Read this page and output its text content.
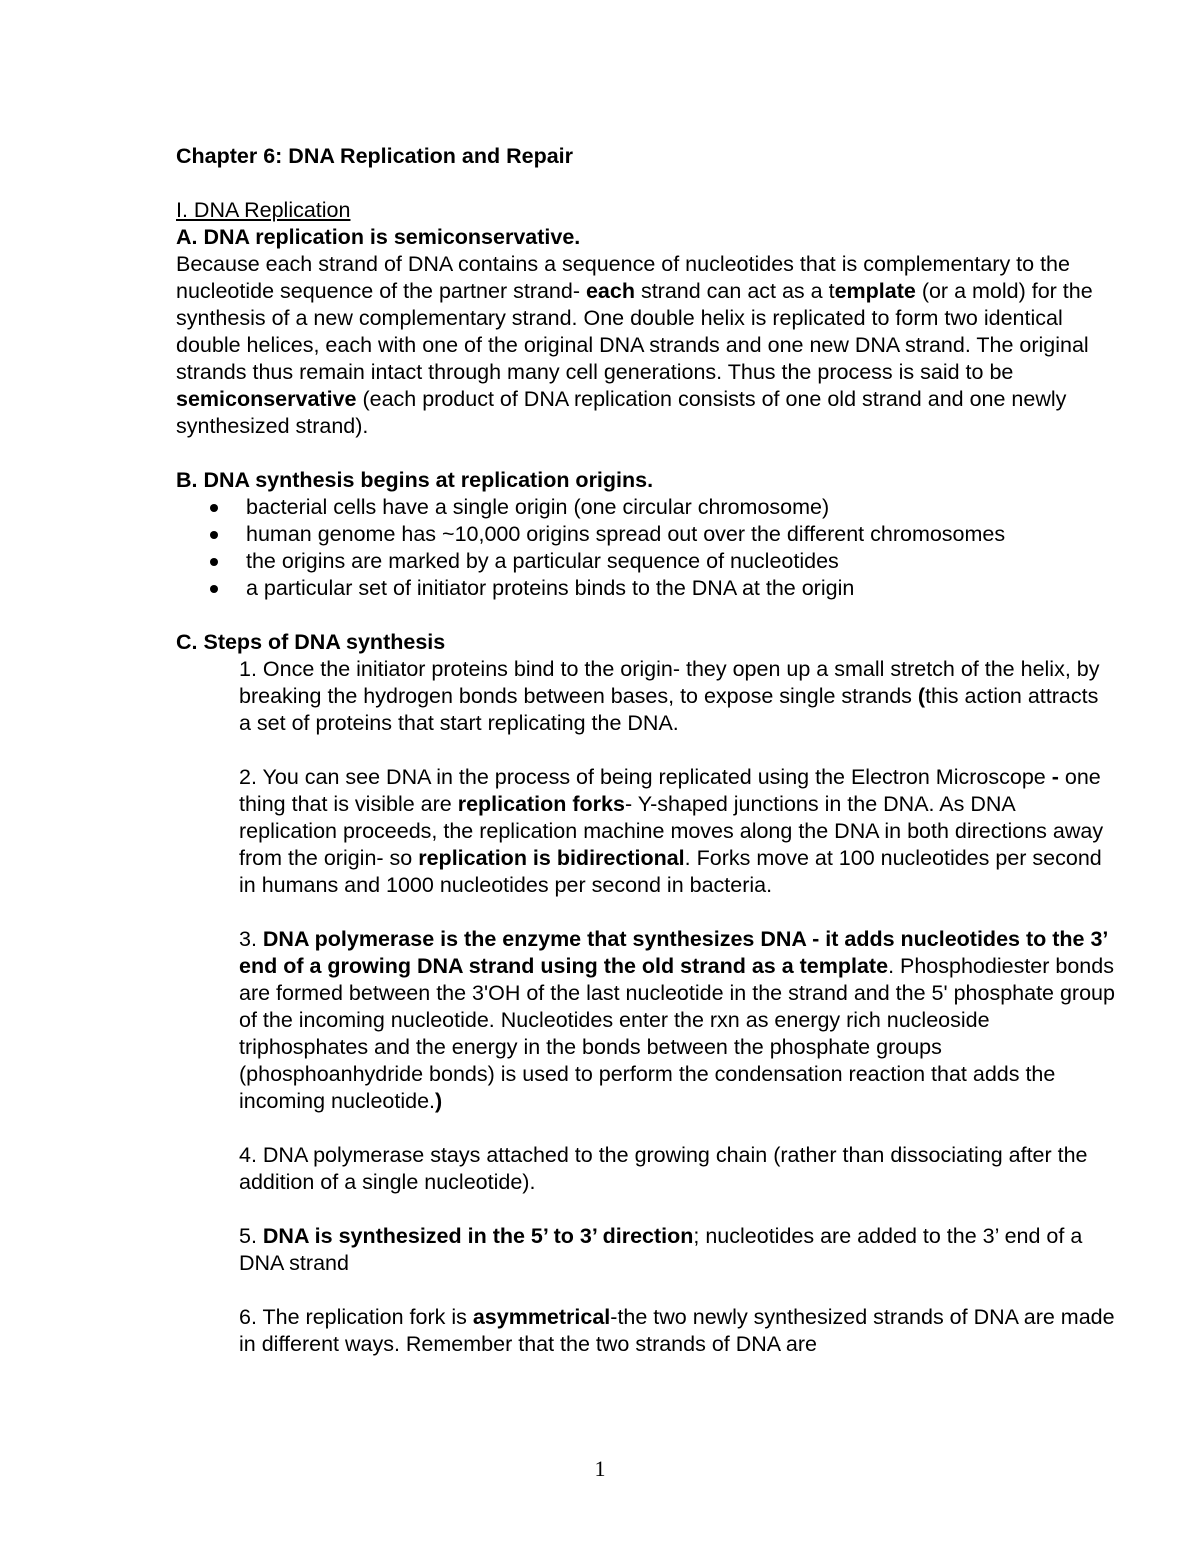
Chapter 6: DNA Replication and Repair

I. DNA Replication

A. DNA replication is semiconservative.

Because each strand of DNA contains a sequence of nucleotides that is complementary to the nucleotide sequence of the partner strand- each strand can act as a template (or a mold) for the synthesis of a new complementary strand. One double helix is replicated to form two identical double helices, each with one of the original DNA strands and one new DNA strand. The original strands thus remain intact through many cell generations. Thus the process is said to be semiconservative (each product of DNA replication consists of one old strand and one newly synthesized strand).

B. DNA synthesis begins at replication origins.

bacterial cells have a single origin (one circular chromosome)
human genome has ~10,000 origins spread out over the different chromosomes
the origins are marked by a particular sequence of nucleotides
a particular set of initiator proteins binds to the DNA at the origin

C. Steps of DNA synthesis

1. Once the initiator proteins bind to the origin- they open up a small stretch of the helix, by breaking the hydrogen bonds between bases, to expose single strands (this action attracts a set of proteins that start replicating the DNA.

2. You can see DNA in the process of being replicated using the Electron Microscope - one thing that is visible are replication forks- Y-shaped junctions in the DNA. As DNA replication proceeds, the replication machine moves along the DNA in both directions away from the origin- so replication is bidirectional. Forks move at 100 nucleotides per second in humans and 1000 nucleotides per second in bacteria.

3. DNA polymerase is the enzyme that synthesizes DNA - it adds nucleotides to the 3’ end of a growing DNA strand using the old strand as a template. Phosphodiester bonds are formed between the 3'OH of the last nucleotide in the strand and the 5' phosphate group of the incoming nucleotide. Nucleotides enter the rxn as energy rich nucleoside triphosphates and the energy in the bonds between the phosphate groups (phosphoanhydride bonds) is used to perform the condensation reaction that adds the incoming nucleotide.)

4. DNA polymerase stays attached to the growing chain (rather than dissociating after the addition of a single nucleotide).

5. DNA is synthesized in the 5’ to 3’ direction; nucleotides are added to the 3’ end of a DNA strand

6. The replication fork is asymmetrical-the two newly synthesized strands of DNA are made in different ways. Remember that the two strands of DNA are

1
